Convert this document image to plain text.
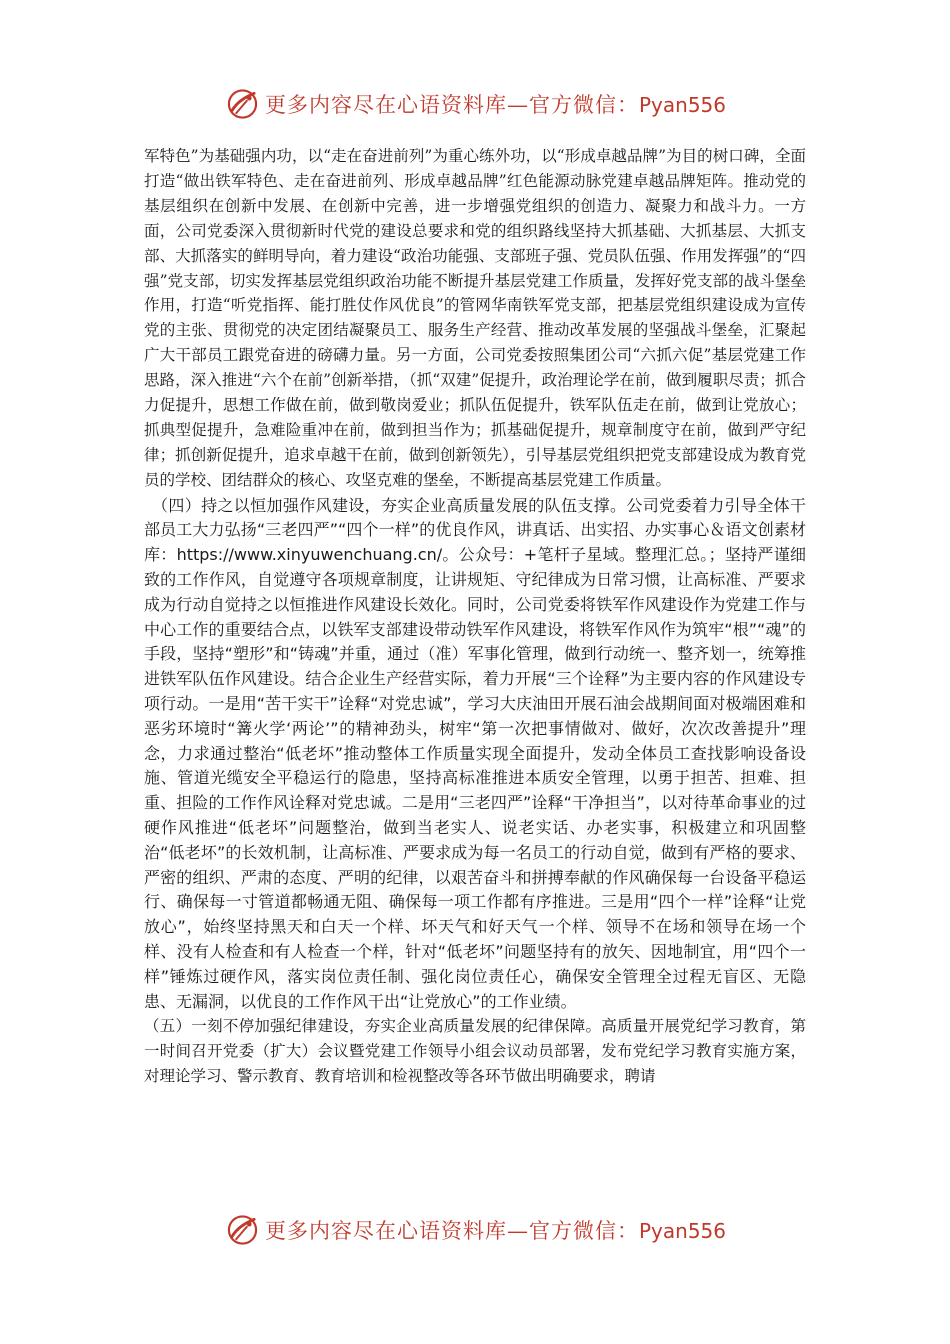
更多内容尽在心语资料库—官方微信：Pyan556

军特色”为基础强内功，以“走在奋进前列”为重心练外功，以“形成卓越品牌”为目的树口碑，全面打造“做出铁军特色、走在奋进前列、形成卓越品牌”红色能源动脉党建卓越品牌矩阵。推动党的基层组织在创新中发展、在创新中完善，进一步增强党组织的创造力、凝聚力和战斗力。一方面，公司党委深入贯彻新时代党的建设总要求和党的组织路线坚持大抓基础、大抓基层、大抓支部、大抓落实的鲜明导向，着力建设“政治功能强、支部班子强、党员队伍强、作用发挥强”的“四强”党支部，切实发挥基层党组织政治功能不断提升基层党建工作质量，发挥好党支部的战斗堡垒作用，打造“听党指挥、能打胜仗作风优良”的管网华南铁军党支部，把基层党组织建设成为宣传党的主张、贯彻党的决定团结凝聚员工、服务生产经营、推动改革发展的坚强战斗堡垒，汇聚起广大干部员工跟党奋进的磅礴力量。另一方面，公司党委按照集团公司“六抓六促”基层党建工作思路，深入推进“六个在前”创新举措，（抓“双建”促提升，政治理论学在前，做到履职尽责；抓合力促提升，思想工作做在前，做到敬岗爱业；抓队伍促提升，铁军队伍走在前，做到让党放心；抓典型促提升，急难险重冲在前，做到担当作为；抓基础促提升，规章制度守在前，做到严守纪律；抓创新促提升，追求卓越干在前，做到创新领先），引导基层党组织把党支部建设成为教育党员的学校、团结群众的核心、攻坚克难的堡垒，不断提高基层党建工作质量。

（四）持之以恒加强作风建设，夯实企业高质量发展的队伍支撑。公司党委着力引导全体干部员工大力弘扬“三老四严”“四个一样”的优良作风，讲真话、出实招、办实事心＆语文创素材库：https://www.xinyuwenchuang.cn/。公众号：+笔杆子星域。整理汇总。；坚持严谨细致的工作作风，自觉遵守各项规章制度，让讲规矩、守纪律成为日常习惯，让高标准、严要求成为行动自觉持之以恒推进作风建设长效化。同时，公司党委将铁军作风建设作为党建工作与中心工作的重要结合点，以铁军支部建设带动铁军作风建设，将铁军作风作为筑牢“根”“魂”的手段，坚持“塑形”和“铸魂”并重，通过（准）军事化管理，做到行动统一、整齐划一，统筹推进铁军队伍作风建设。结合企业生产经营实际，着力开展“三个诠释”为主要内容的作风建设专项行动。一是用“苦干实干”诠释“对党忠诚”，学习大庆油田开展石油会战期间面对极端困难和恶劣环境时“篝火学‘两论’”的精神劲头，树牢“第一次把事情做对、做好，次次改善提升”理念，力求通过整治“低老坏”推动整体工作质量实现全面提升，发动全体员工查找影响设备设施、管道光缆安全平稳运行的隐患，坚持高标准推进本质安全管理，以勇于担苦、担难、担重、担险的工作作风诠释对党忠诚。二是用“三老四严”诠释“干净担当”，以对待革命事业的过硬作风推进“低老坏”问题整治，做到当老实人、说老实话、办老实事，积极建立和巩固整治“低老坏”的长效机制，让高标准、严要求成为每一名员工的行动自觉，做到有严格的要求、严密的组织、严肃的态度、严明的纪律，以艰苦奋斗和拼搏奉献的作风确保每一台设备平稳运行、确保每一寸管道都畅通无阻、确保每一项工作都有序推进。三是用“四个一样”诠释“让党放心”，始终坚持黑天和白天一个样、坏天气和好天气一个样、领导不在场和领导在场一个样、没有人检查和有人检查一个样，针对“低老坏”问题坚持有的放矢、因地制宜，用“四个一样”锤炼过硬作风，落实岗位责任制、强化岗位责任心，确保安全管理全过程无盲区、无隐患、无漏洞，以优良的工作作风干出“让党放心”的工作业绩。

（五）一刻不停加强纪律建设，夯实企业高质量发展的纪律保障。高质量开展党纪学习教育，第一时间召开党委（扩大）会议暨党建工作领导小组会议动员部署，发布党纪学习教育实施方案，对理论学习、警示教育、教育培训和检视整改等各环节做出明确要求，聘请

更多内容尽在心语资料库—官方微信：Pyan556
